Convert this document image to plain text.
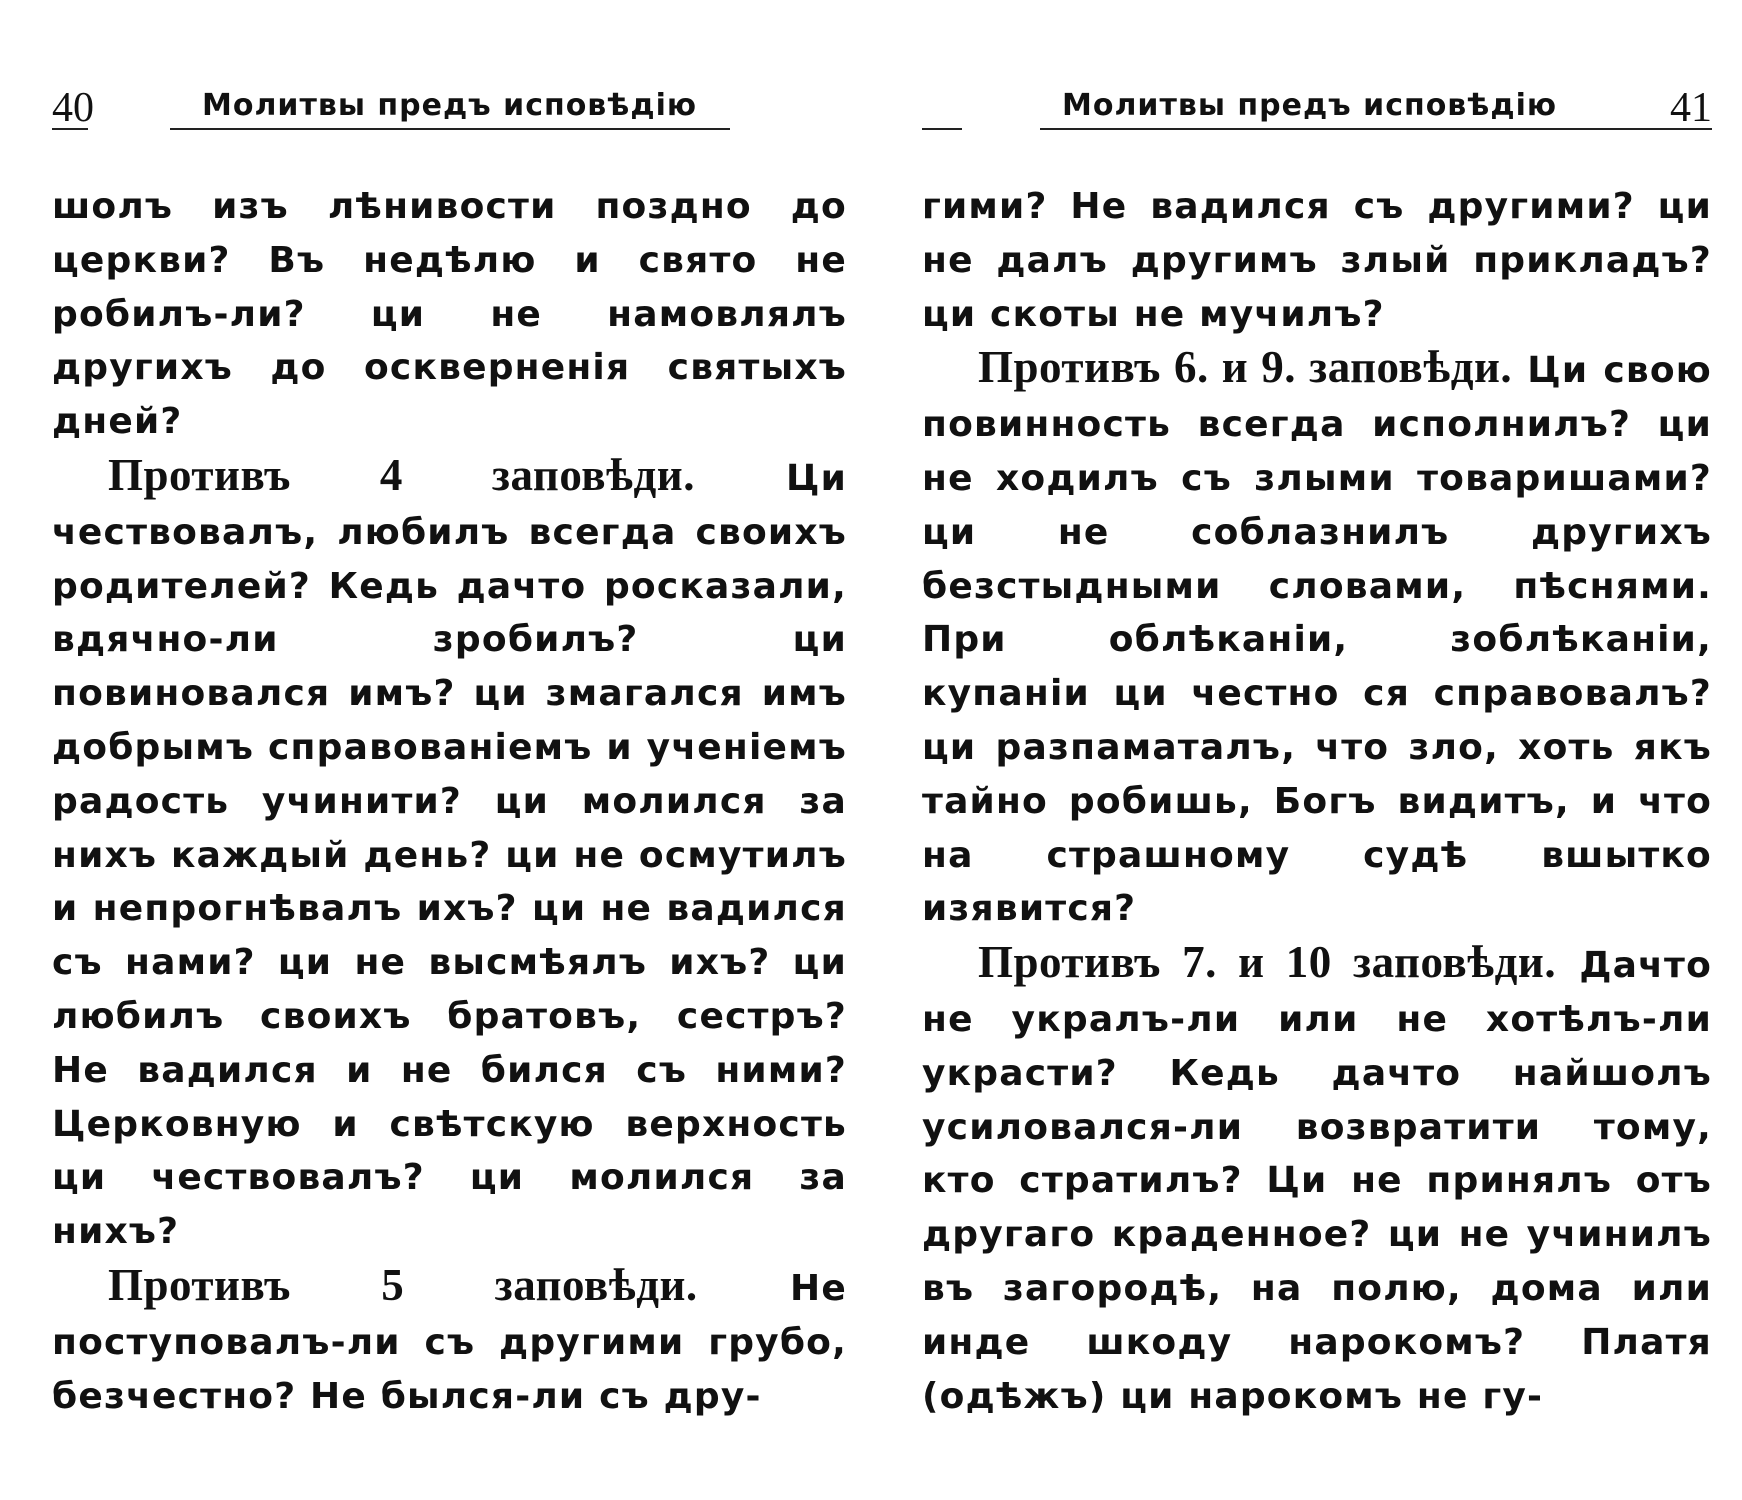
40	Молитвы предъ исповѣдію

шолъ изъ лѣнивости поздно до церкви? Въ недѣлю и свято не робилъ-ли? ци не намовлялъ другихъ до оскверненія святыхъ дней?

Противъ 4 заповѣди.	Ци чествовалъ, любилъ всегда своихъ родителей? Кедь дачто росказали, вдячно-ли зробилъ? ци повиновался имъ? ци змагался имъ добрымъ справованіемъ и ученіемъ радость учинити? ци молился за нихъ каждый день? ци не осмутилъ и непрогнѣвалъ ихъ? ци не вадился съ нами? ци не высмѣялъ ихъ? ци любилъ своихъ братовъ, сестръ? Не вадился и не бился съ ними? Церковную и свѣтскую верхность ци чествовалъ? ци молился за нихъ?

Противъ 5 заповѣди.	Не поступовалъ-ли съ другими грубо, безчестно? Не былся-ли съ дру-

Молитвы предъ исповѣдію	41

гими? Не вадился съ другими? ци не далъ другимъ злый прикладъ? ци скоты не мучилъ?

Противъ 6. и 9. заповѣди. Ци свою повинность всегда исполнилъ? ци не ходилъ съ злыми товаришами? ци не соблазнилъ другихъ безстыдными словами, пѣснями. При облѣканіи, зоблѣканіи, купаніи ци честно ся справовалъ? ци разпаматалъ, что зло, хоть якъ тайно робишь, Богъ видитъ, и что на страшному судѣ вшытко изявится?

Противъ 7. и 10 заповѣди. Дачто не укралъ-ли или не хотѣлъ-ли украсти? Кедь дачто найшолъ усиловался-ли возвратити тому, кто стратилъ? Ци не принялъ отъ другаго краденное? ци не учинилъ въ загородѣ, на полю, дома или инде шкоду нарокомъ? Платя (одѣжъ) ци нарокомъ не гу-
